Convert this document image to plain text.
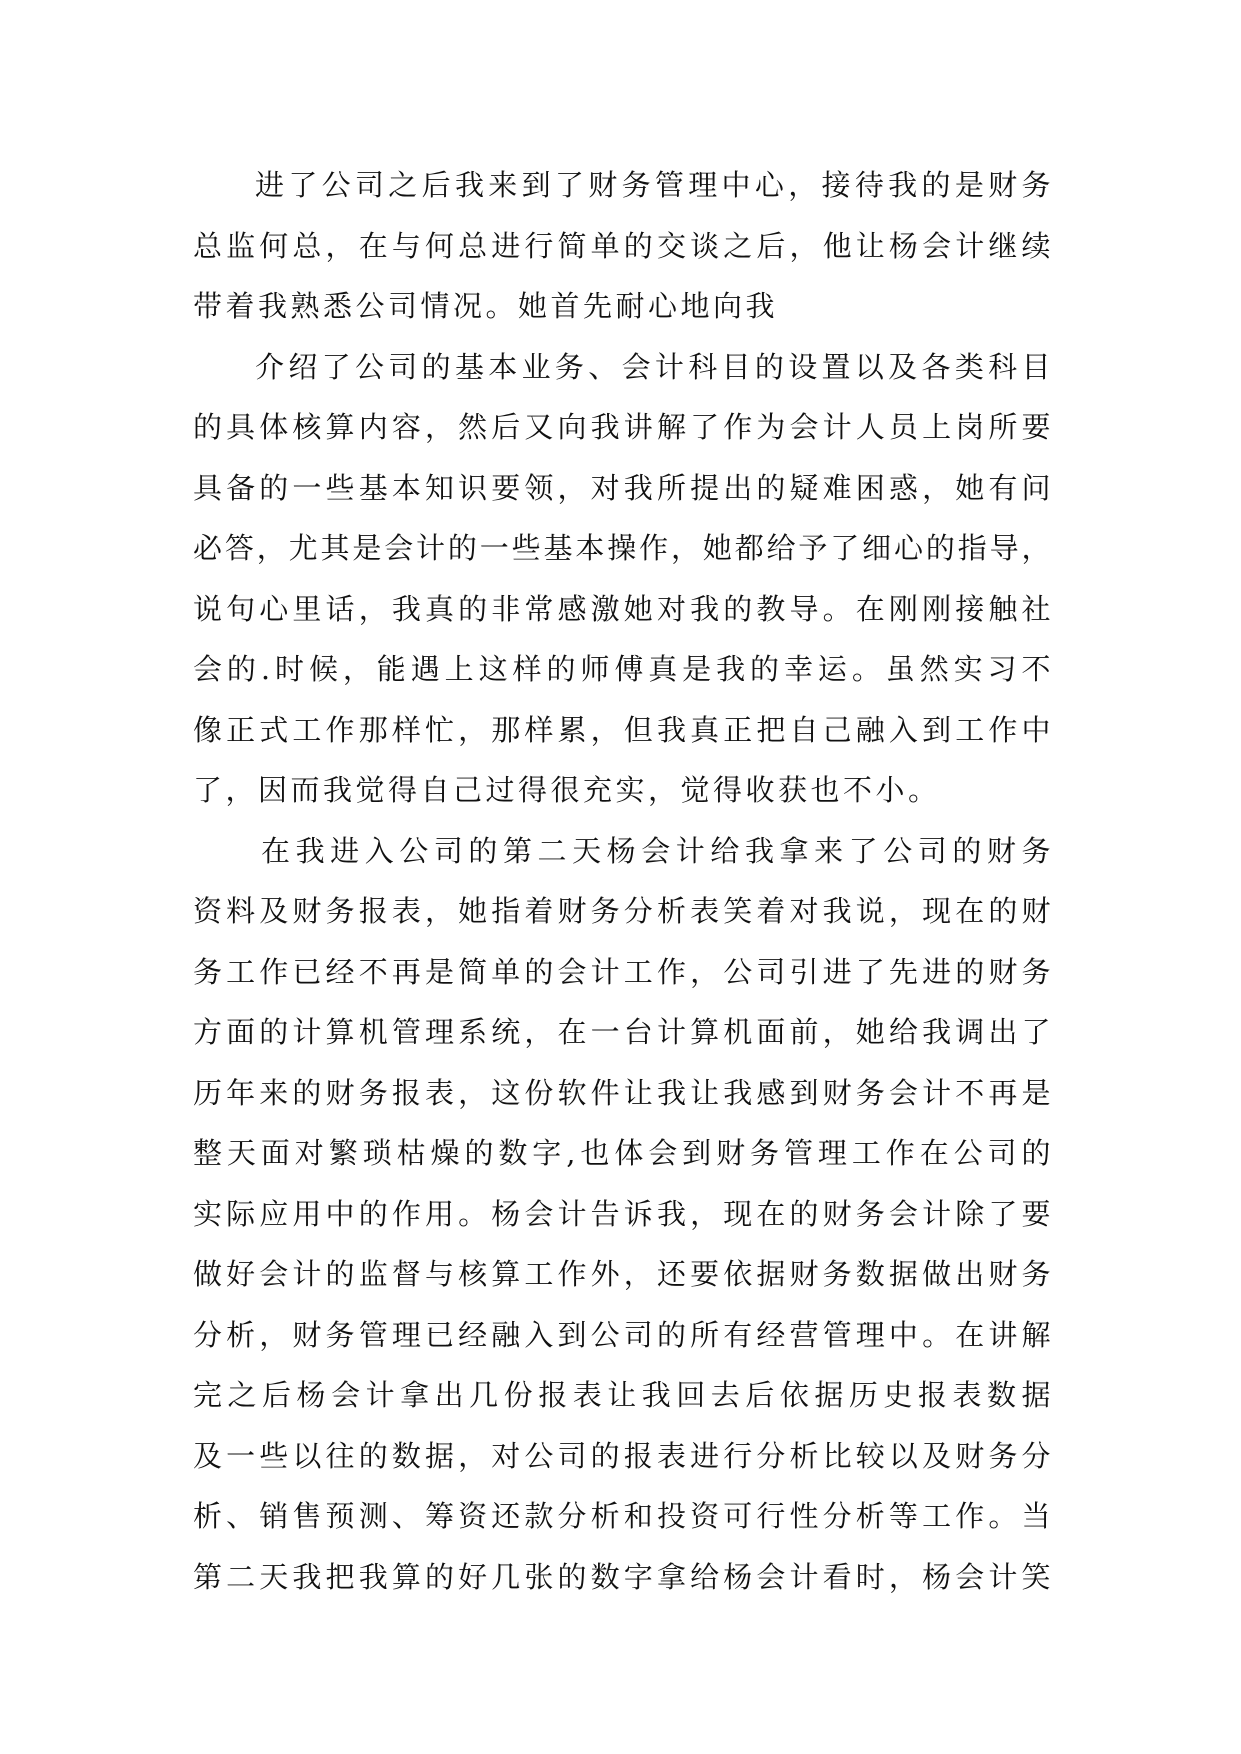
进了公司之后我来到了财务管理中心，接待我的是财务
总监何总，在与何总进行简单的交谈之后，他让杨会计继续
带着我熟悉公司情况。她首先耐心地向我
介绍了公司的基本业务、会计科目的设置以及各类科目
的具体核算内容，然后又向我讲解了作为会计人员上岗所要
具备的一些基本知识要领，对我所提出的疑难困惑，她有问
必答，尤其是会计的一些基本操作，她都给予了细心的指导，
说句心里话，我真的非常感激她对我的教导。在刚刚接触社
会的.时候，能遇上这样的师傅真是我的幸运。虽然实习不
像正式工作那样忙，那样累，但我真正把自己融入到工作中
了，因而我觉得自己过得很充实，觉得收获也不小。
在我进入公司的第二天杨会计给我拿来了公司的财务
资料及财务报表，她指着财务分析表笑着对我说，现在的财
务工作已经不再是简单的会计工作，公司引进了先进的财务
方面的计算机管理系统，在一台计算机面前，她给我调出了
历年来的财务报表，这份软件让我让我感到财务会计不再是
整天面对繁琐枯燥的数字,也体会到财务管理工作在公司的
实际应用中的作用。杨会计告诉我，现在的财务会计除了要
做好会计的监督与核算工作外，还要依据财务数据做出财务
分析，财务管理已经融入到公司的所有经营管理中。在讲解
完之后杨会计拿出几份报表让我回去后依据历史报表数据
及一些以往的数据，对公司的报表进行分析比较以及财务分
析、销售预测、筹资还款分析和投资可行性分析等工作。当
第二天我把我算的好几张的数字拿给杨会计看时，杨会计笑
